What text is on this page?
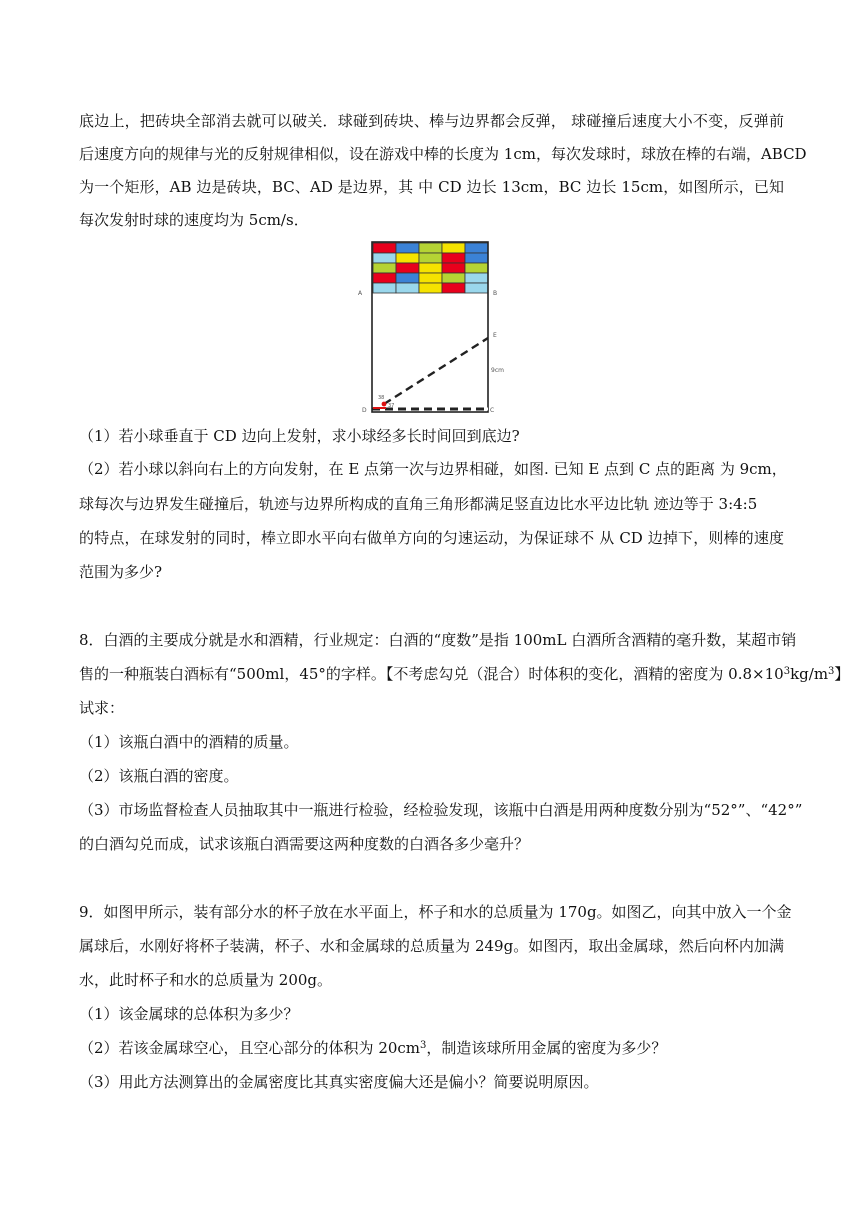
底边上，把砖块全部消去就可以破关．球碰到砖块、棒与边界都会反弹， 球碰撞后速度大小不变，反弹前
后速度方向的规律与光的反射规律相似，设在游戏中棒的长度为 1cm，每次发球时，球放在棒的右端，ABCD
为一个矩形，AB 边是砖块，BC、AD 是边界，其 中 CD 边长 13cm，BC 边长 15cm，如图所示，已知
每次发射时球的速度均为 5cm/s．
A	B
C
D
E
9cm
38
37
（1）若小球垂直于 CD 边向上发射，求小球经多长时间回到底边?
（2）若小球以斜向右上的方向发射，在 E 点第一次与边界相碰，如图. 已知 E 点到 C 点的距离 为 9cm，
球每次与边界发生碰撞后，轨迹与边界所构成的直角三角形都满足竖直边比水平边比轨 迹边等于 3:4:5
的特点，在球发射的同时，棒立即水平向右做单方向的匀速运动，为保证球不 从 CD 边掉下，则棒的速度
范围为多少?
8．白酒的主要成分就是水和酒精，行业规定：白酒的“度数”是指 100mL 白酒所含酒精的毫升数，某超市销
售的一种瓶装白酒标有“500ml，45°的字样。【不考虑勾兑（混合）时体积的变化，酒精的密度为 $0.8\times 10^3kg/m^3$】
试求：
（1）该瓶白酒中的酒精的质量。
（2）该瓶白酒的密度。
（3）市场监督检查人员抽取其中一瓶进行检验，经检验发现，该瓶中白酒是用两种度数分别为“52°”、“42°”
的白酒勾兑而成，试求该瓶白酒需要这两种度数的白酒各多少毫升？
9．如图甲所示，装有部分水的杯子放在水平面上，杯子和水的总质量为 170g。如图乙，向其中放入一个金
属球后，水刚好将杯子装满，杯子、水和金属球的总质量为 249g。如图丙，取出金属球，然后向杯内加满
水，此时杯子和水的总质量为 200g。
（1）该金属球的总体积为多少？
（2）若该金属球空心，且空心部分的体积为 $20cm^3$，制造该球所用金属的密度为多少？
（3）用此方法测算出的金属密度比其真实密度偏大还是偏小？简要说明原因。
